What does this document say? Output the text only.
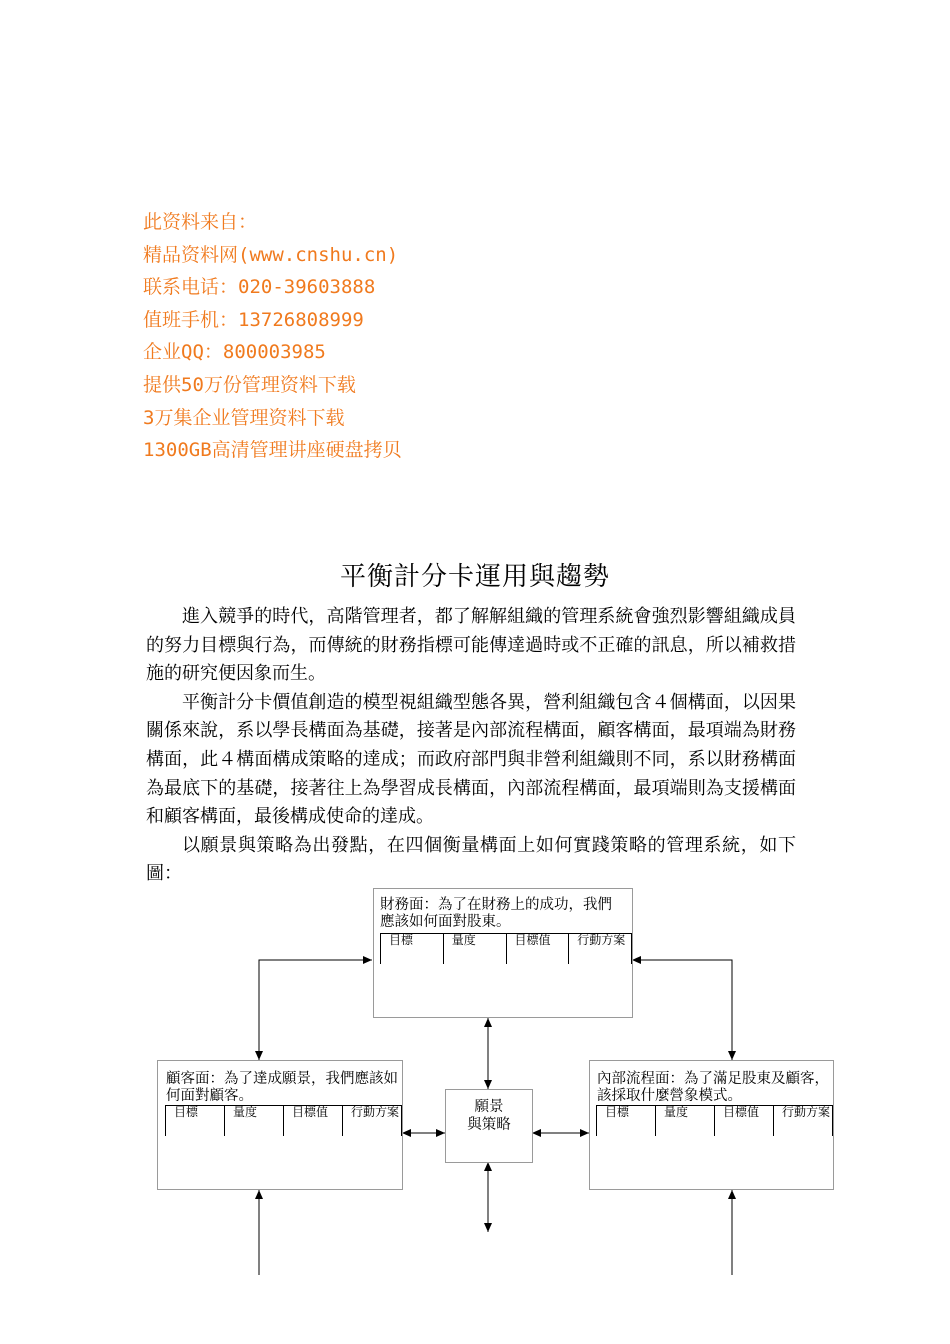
此资料来自：
精品资料网(www.cnshu.cn)
联系电话：020-39603888
值班手机：13726808999
企业QQ：800003985
提供50万份管理资料下载
3万集企业管理资料下载
1300GB高清管理讲座硬盘拷贝
平衡計分卡運用與趨勢

進入競爭的時代，高階管理者，都了解解組織的管理系統會強烈影響組織成員的努力目標與行為，而傳統的財務指標可能傳達過時或不正確的訊息，所以補救措施的研究便因象而生。

平衡計分卡價值創造的模型視組織型態各異，營利組織包含４個構面，以因果關係來說，系以學長構面為基礎，接著是內部流程構面，顧客構面，最項端為財務構面，此４構面構成策略的達成；而政府部門與非營利組織則不同，系以財務構面為最底下的基礎，接著往上為學習成長構面，內部流程構面，最項端則為支援構面和顧客構面，最後構成使命的達成。

以願景與策略為出發點，在四個衡量構面上如何實踐策略的管理系統，如下圖：

財務面：為了在財務上的成功，我們應該如何面對股東。
目標	量度	目標值	行動方案
顧客面：為了達成願景，我們應該如何面對顧客。
目標	量度	目標值	行動方案
內部流程面：為了滿足股東及顧客，該採取什麼營象模式。
目標	量度	目標值	行動方案
願景
與策略
